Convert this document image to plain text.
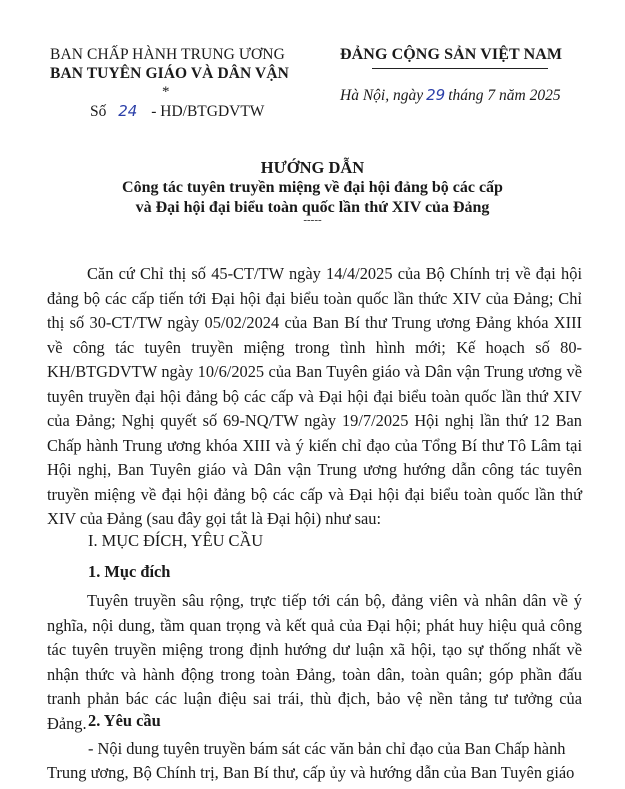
BAN CHẤP HÀNH TRUNG ƯƠNG
BAN TUYÊN GIÁO VÀ DÂN VẬN
*
Số 24 - HD/BTGDVTW
ĐẢNG CỘNG SẢN VIỆT NAM
Hà Nội, ngày 29 tháng 7 năm 2025
HƯỚNG DẪN
Công tác tuyên truyền miệng về đại hội đảng bộ các cấp
và Đại hội đại biểu toàn quốc lần thứ XIV của Đảng
-----

Căn cứ Chỉ thị số 45-CT/TW ngày 14/4/2025 của Bộ Chính trị về đại hội đảng bộ các cấp tiến tới Đại hội đại biểu toàn quốc lần thức XIV của Đảng; Chỉ thị số 30-CT/TW ngày 05/02/2024 của Ban Bí thư Trung ương Đảng khóa XIII về công tác tuyên truyền miệng trong tình hình mới; Kế hoạch số 80-KH/BTGDVTW ngày 10/6/2025 của Ban Tuyên giáo và Dân vận Trung ương về tuyên truyền đại hội đảng bộ các cấp và Đại hội đại biểu toàn quốc lần thứ XIV của Đảng; Nghị quyết số 69-NQ/TW ngày 19/7/2025 Hội nghị lần thứ 12 Ban Chấp hành Trung ương khóa XIII và ý kiến chỉ đạo của Tổng Bí thư Tô Lâm tại Hội nghị, Ban Tuyên giáo và Dân vận Trung ương hướng dẫn công tác tuyên truyền miệng về đại hội đảng bộ các cấp và Đại hội đại biểu toàn quốc lần thứ XIV của Đảng (sau đây gọi tắt là Đại hội) như sau:

I. MỤC ĐÍCH, YÊU CẦU
1. Mục đích

Tuyên truyền sâu rộng, trực tiếp tới cán bộ, đảng viên và nhân dân về ý nghĩa, nội dung, tầm quan trọng và kết quả của Đại hội; phát huy hiệu quả công tác tuyên truyền miệng trong định hướng dư luận xã hội, tạo sự thống nhất về nhận thức và hành động trong toàn Đảng, toàn dân, toàn quân; góp phần đấu tranh phản bác các luận điệu sai trái, thù địch, bảo vệ nền tảng tư tưởng của Đảng. 2. Yêu cầu
- Nội dung tuyên truyền bám sát các văn bản chỉ đạo của Ban Chấp hành
Trung ương, Bộ Chính trị, Ban Bí thư, cấp ủy và hướng dẫn của Ban Tuyên giáo
